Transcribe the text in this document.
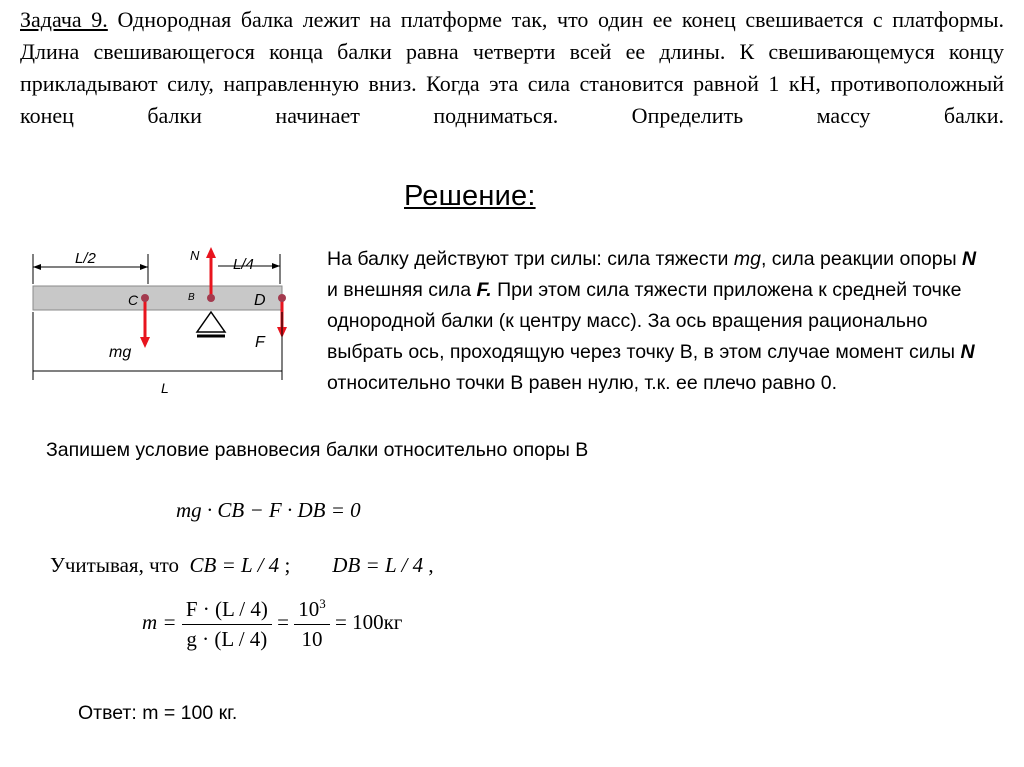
Задача 9. Однородная балка лежит на платформе так, что один ее конец свешивается с платформы. Длина свешивающегося конца балки равна четверти всей ее длины. К свешивающемуся концу прикладывают силу, направленную вниз. Когда эта сила становится равной 1 кН, противоположный конец балки начинает подниматься. Определить массу балки.
Решение:
L/2	L/4
N
mg
F
C	B	D
L
На балку действуют три силы: сила тяжести mg, сила реакции опоры N и внешняя сила F. При этом сила тяжести приложена к средней точке однородной балки (к центру масс). За ось вращения рационально выбрать ось, проходящую через точку B, в этом случае момент силы N относительно точки B равен нулю, т.к. ее плечо равно 0.
Запишем условие равновесия балки относительно опоры B
mg · CB − F · DB = 0
Учитывая, что CB = L / 4 ; DB = L / 4 ,
$m = \frac{F \cdot (L / 4)}{g \cdot (L / 4)} = \frac{10^3}{10} = 100кг$
Ответ: m = 100 кг.
